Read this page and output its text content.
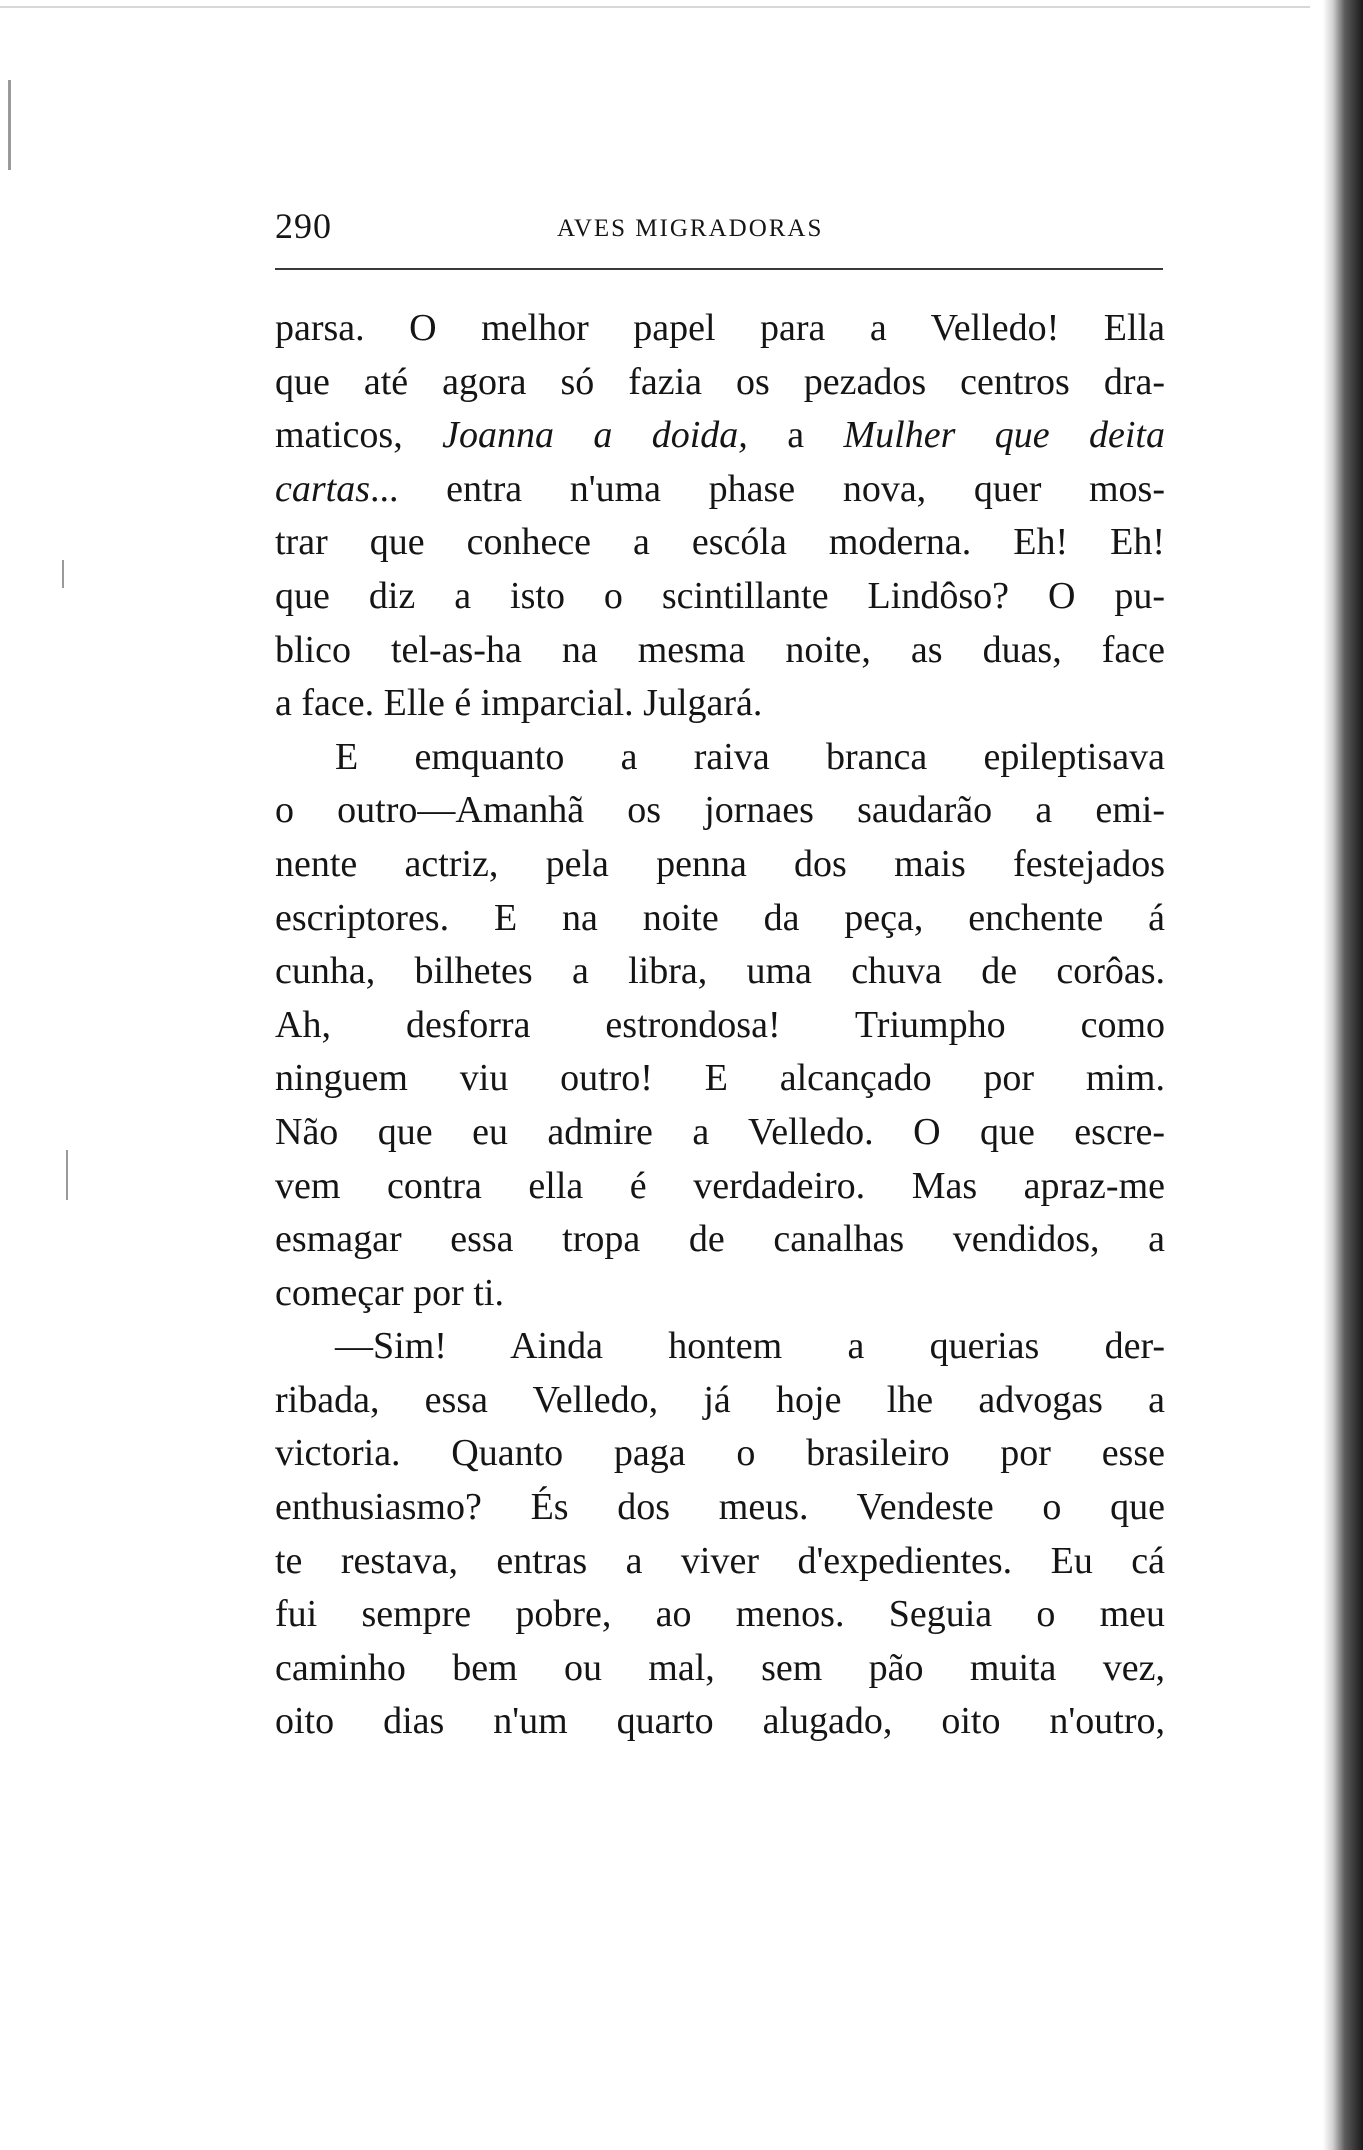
290	AVES MIGRADORAS
parsa. O melhor papel para a Velledo! Ella
que até agora só fazia os pezados centros dra-
maticos, Joanna a doida, a Mulher que deita
cartas... entra n'uma phase nova, quer mos-
trar que conhece a escóla moderna. Eh! Eh!
que diz a isto o scintillante Lindôso? O pu-
blico tel-as-ha na mesma noite, as duas, face
a face. Elle é imparcial. Julgará.
E emquanto a raiva branca epileptisava
o outro—Amanhã os jornaes saudarão a emi-
nente actriz, pela penna dos mais festejados
escriptores. E na noite da peça, enchente á
cunha, bilhetes a libra, uma chuva de corôas.
Ah, desforra estrondosa! Triumpho como
ninguem viu outro! E alcançado por mim.
Não que eu admire a Velledo. O que escre-
vem contra ella é verdadeiro. Mas apraz-me
esmagar essa tropa de canalhas vendidos, a
começar por ti.
—Sim! Ainda hontem a querias der-
ribada, essa Velledo, já hoje lhe advogas a
victoria. Quanto paga o brasileiro por esse
enthusiasmo? És dos meus. Vendeste o que
te restava, entras a viver d'expedientes. Eu cá
fui sempre pobre, ao menos. Seguia o meu
caminho bem ou mal, sem pão muita vez,
oito dias n'um quarto alugado, oito n'outro,
